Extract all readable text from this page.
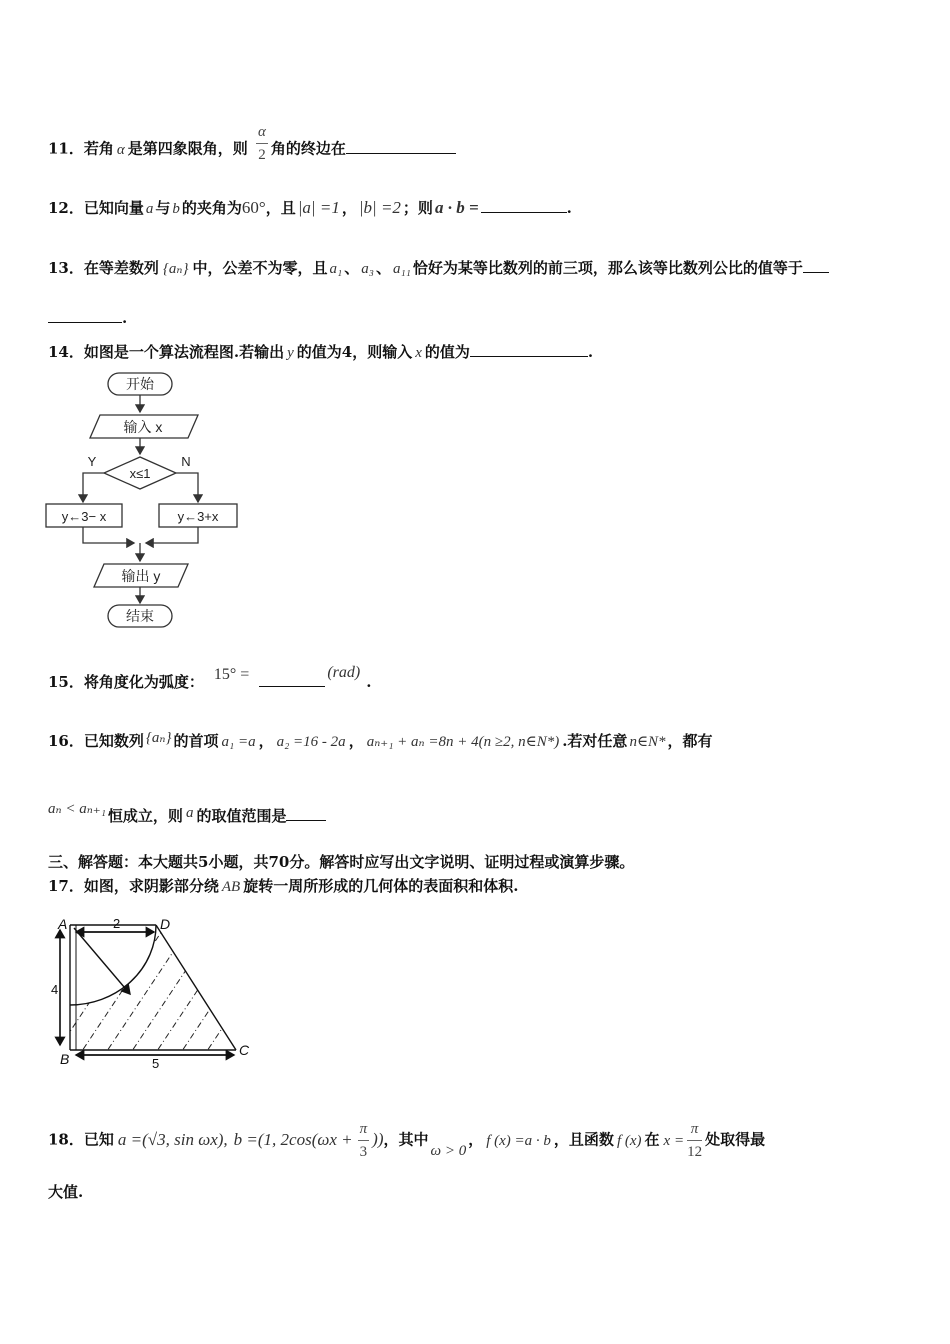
11．若角 α 是第四象限角，则 $\frac{\alpha}{2}$ 角的终边在
12．已知向量 a 与 b 的夹角为60°，且 |a| =1 ， |b| =2 ；则 a · b =	.
13．在等差数列 {aₙ} 中，公差不为零，且 a₁ 、 a₃ 、 a₁₁ 恰好为某等比数列的前三项，那么该等比数列公比的值等于
.
14．如图是一个算法流程图.若输出 y 的值为4，则输入 x 的值为	.
开始
输入 x
x≤1
Y	N
y←3− x	y←3+x
输出 y
结束
15．将角度化为弧度： 15° =	(rad).
16．已知数列 {aₙ} 的首项 a₁ =a ， a₂ =16 - 2a ， aₙ₊₁ + aₙ =8n + 4(n ≥2, n∈N*) .若对任意 n∈N* ，都有
aₙ < aₙ₊₁ 恒成立，则 a 的取值范围是
三、解答题：本大题共5小题，共70分。解答时应写出文字说明、证明过程或演算步骤。
17．如图，求阴影部分绕 AB 旋转一周所形成的几何体的表面积和体积.
A
B
C
D
2
4
5
18．已知 a =(√3, sin ωx), b =(1, $2\cos(\omega x + \frac{\pi}{3}$ ))，其中ω > 0， f (x) =a · b ，且函数 f (x) 在 $x = \frac{\pi}{12}$ 处取得最
大值.
